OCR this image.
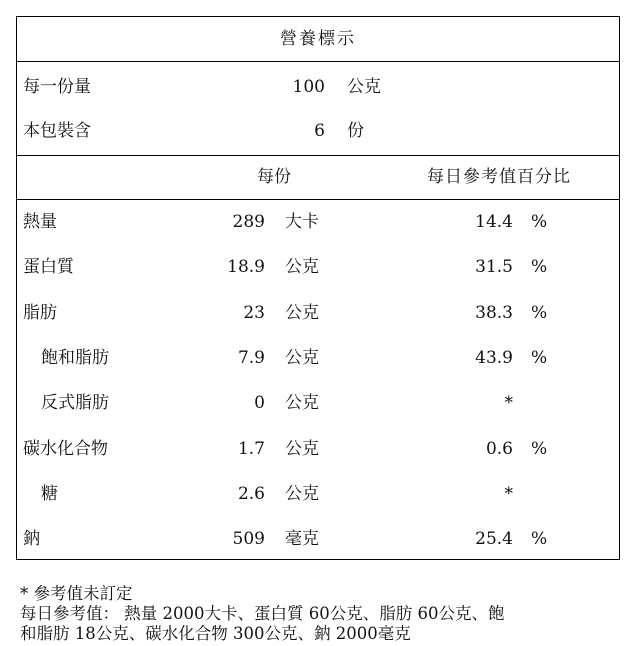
營養標示
每一份量	100 公克
本包裝含	6 份
每份	每日參考值百分比
熱量	289 大卡	14.4 %
蛋白質	18.9 公克	31.5 %
脂肪	23 公克	38.3 %
飽和脂肪	7.9 公克	43.9 %
反式脂肪	0 公克	*
碳水化合物	1.7 公克	0.6 %
糖	2.6 公克	*
鈉	509 毫克	25.4 %
* 參考值未訂定
每日參考值： 熱量 2000大卡、蛋白質 60公克、脂肪 60公克、飽
和脂肪 18公克、碳水化合物 300公克、鈉 2000毫克
